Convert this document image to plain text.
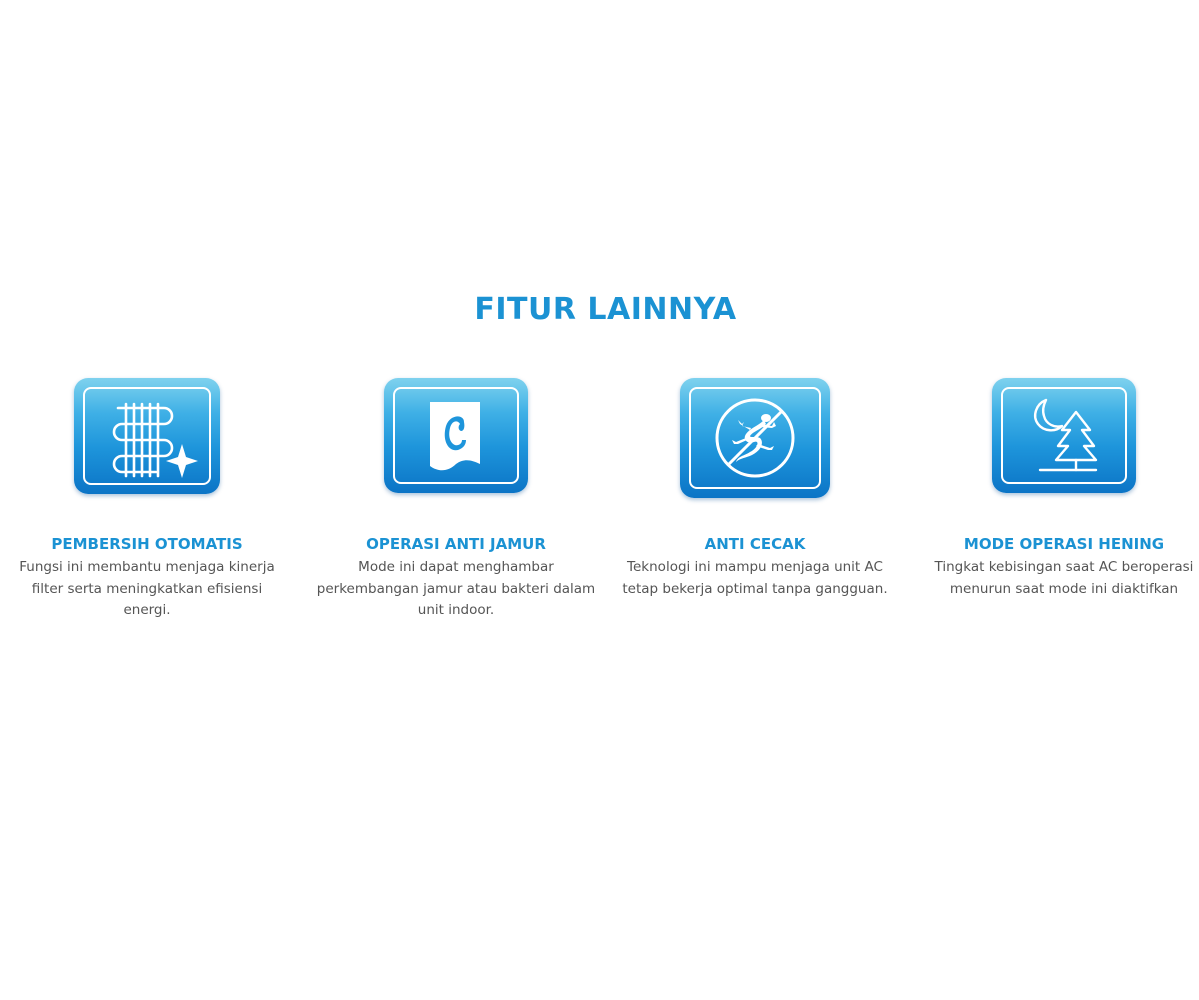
FITUR LAINNYA
PEMBERSIH OTOMATIS

Fungsi ini membantu menjaga kinerja filter serta meningkatkan efisiensi energi.

OPERASI ANTI JAMUR

Mode ini dapat menghambar perkembangan jamur atau bakteri dalam unit indoor.

ANTI CECAK

Teknologi ini mampu menjaga unit AC tetap bekerja optimal tanpa gangguan.

MODE OPERASI HENING

Tingkat kebisingan saat AC beroperasi menurun saat mode ini diaktifkan
